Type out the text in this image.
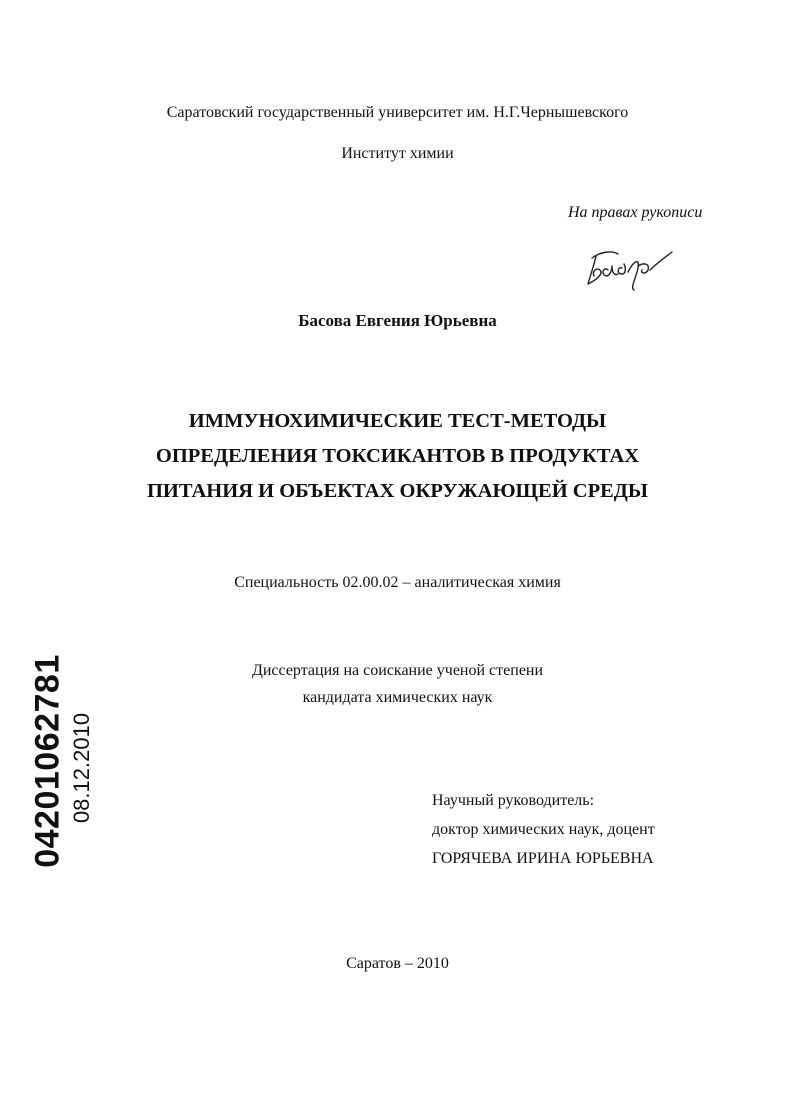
Саратовский государственный университет им. Н.Г.Чернышевского
Институт химии
На правах рукописи
Басова Евгения Юрьевна
ИММУНОХИМИЧЕСКИЕ ТЕСТ-МЕТОДЫ
ОПРЕДЕЛЕНИЯ ТОКСИКАНТОВ В ПРОДУКТАХ
ПИТАНИЯ И ОБЪЕКТАХ ОКРУЖАЮЩЕЙ СРЕДЫ
Специальность 02.00.02 – аналитическая химия
Диссертация на соискание ученой степени
кандидата химических наук
Научный руководитель:
доктор химических наук, доцент
ГОРЯЧЕВА ИРИНА ЮРЬЕВНА
Саратов – 2010
04201062781 08.12.2010
